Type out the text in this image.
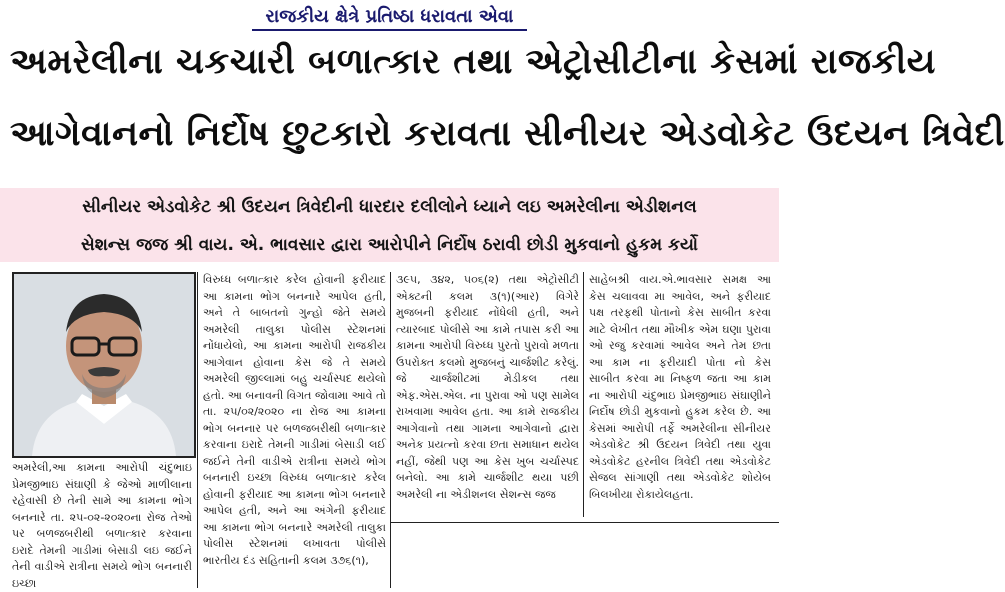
રાજકીય ક્ષેત્રે પ્રતિષ્ઠા ધરાવતા એવા
અમરેલીના ચકચારી બળાત્કાર તથા એટ્રોસીટીના કેસમાં રાજકીય
આગેવાનનો નિર્દોષ છુટકારો કરાવતા સીનીયર એડવોકેટ ઉદયન ત્રિવેદી
સીનીયર એડવોકેટ શ્રી ઉદયન ત્રિવેદીની ધારદાર દલીલોને ધ્યાને લઇ અમરેલીના એડીશનલ
સેશન્સ જજ શ્રી વાય. એ. ભાવસાર દ્વારા આરોપીને નિર્દોષ ઠરાવી છોડી મુકવાનો હુકમ કર્યો
અમરેલી,આ કામના આરોપી ચંદુભાઇ પ્રેમજીભાઇ સંઘાણી કે જેઓ માળીલાના રહેવાસી છે તેની સામે આ કામના ભોગ બનનારે તા. ૨૫-૦૨-૨૦૨૦ના રોજ તેઓ પર બળજબરીથી બળાત્કાર કરવાના ઇરાદે તેમની ગાડીમાં બેસાડી લઇ જઈને તેની વાડીએ રાત્રીના સમયે ભોગ બનનારી ઇચ્છા
વિરુધ્ધ બળાત્કાર કરેલ હોવાની ફરીયાદ આ કામના ભોગ બનનારે આપેલ હતી, અને તે બાબતનો ગુન્હો જેતે સમયે અમરેલી તાલુકા પોલીસ સ્ટેશનમાં નોંધાયેલો, આ કામના આરોપી રાજકીય આગેવાન હોવાના કેસ જે તે સમયે અમરેલી જીલ્લામાં બહુ ચર્ચાસ્પદ થયેલો હતો. આ બનાવની વિગત જોવામા આવે તો તા. ૨૫/૦૨/૨૦૨૦ ના રોજ આ કામના ભોગ બનનાર પર બળજબરીથી બળાત્કાર કરવાના ઇરાદે તેમની ગાડીમાં બેસાડી લઈ જઈને તેની વાડીએ રાત્રીના સમયે ભોગ બનનારી ઇચ્છા વિરુધ્ધ બળાત્કાર કરેલ હોવાની ફરીયાદ આ કામના ભોગ બનનારે આપેલ હતી, અને આ અંગેની ફરીયાદ આ કામના ભોગ બનનારે અમરેલી તાલુકા પોલીસ સ્ટેશનમાં લખાવતા પોલીસે ભારતીય દંડ સહિતાની કલમ ૩૭૬(૧),
૩૯૫, ૩૪૨, ૫૦૬(૨) તથા એટ્રોસીટી એક્ટની કલમ ૩(૧)(આર) વિગેરે મુજબની ફરીયાદ નોંધેલી હતી, અને ત્યારબાદ પોલીસે આ કામે તપાસ કરી આ કામના આરોપી વિરુધ્ધ પુરતો પુરાવો મળતા ઉપરોક્ત કલમો મુજબનું ચાર્જશીટ કરેલું. જે ચાર્જશીટમાં મેડીકલ તથા એફ.એસ.એલ. ના પુરાવા ઓ પણ સામેલ રાખવામા આવેલ હતા. આ કામે રાજકીય આગેવાનો તથા ગામના આગેવાનો દ્વારા અનેક પ્રયત્નો કરવા છતા સમાધાન થયેલ નહીં, જેથી પણ આ કેસ ખુબ ચર્ચાસ્પદ બનેલો. આ કામે ચાર્જશીટ થયા પછી અમરેલી ના એડીશનલ સેશન્સ જજ
સાહેબશ્રી વાય.એ.ભાવસાર સમક્ષ આ કેસ ચલાવવા મા આવેલ, અને ફરીયાદ પક્ષ તરફથી પોતાનો કેસ સાબીત કરવા માટે લેખીત તથા મૌખીક એમ ઘણા પુરાવા ઓ રજુ કરવામાં આવેલ અને તેમ છતા આ કામ ના ફરીયાદી પોતા નો કેસ સાબીત કરવા મા નિષ્ફળ જતા આ કામ ના આરોપી ચંદુભાઇ પ્રેમજીભાઇ સંઘાણીને નિર્દોષ છોડી મુકવાનો હુકમ કરેલ છે. આ કેસમાં આરોપી તર્ફે અમરેલીના સીનીયર એડવોકેટ શ્રી ઉદયન ત્રિવેદી તથા યુવા એડવોકેટ હરનીલ ત્રિવેદી તથા એડવોકેટ સેજલ સાંગાણી તથા એડવોકેટ શોયેબ બિલખીયા રોકાયેલહતા.
